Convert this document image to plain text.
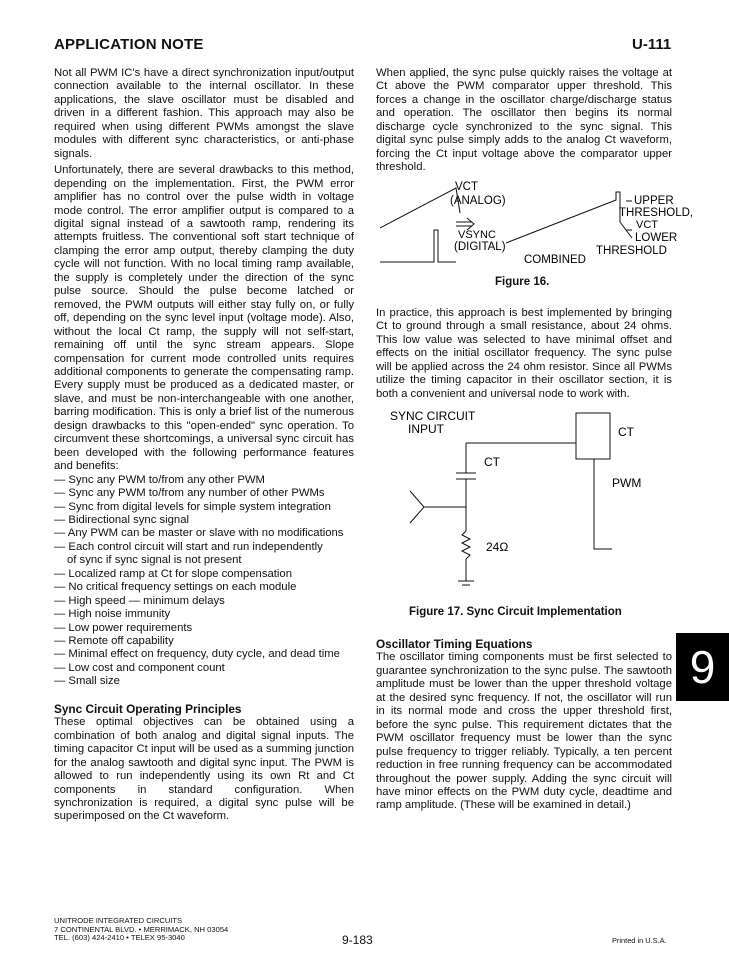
APPLICATION NOTE	U-111

Not all PWM IC's have a direct synchronization input/output connection available to the internal oscillator. In these applications, the slave oscillator must be disabled and driven in a different fashion. This approach may also be required when using different PWMs amongst the slave modules with different sync characteristics, or anti-phase signals.

Unfortunately, there are several drawbacks to this method, depending on the implementation. First, the PWM error amplifier has no control over the pulse width in voltage mode control. The error amplifier output is compared to a digital signal instead of a sawtooth ramp, rendering its attempts fruitless. The conventional soft start technique of clamping the error amp output, thereby clamping the duty cycle will not function. With no local timing ramp available, the supply is completely under the direction of the sync pulse source. Should the pulse become latched or removed, the PWM outputs will either stay fully on, or fully off, depending on the sync level input (voltage mode). Also, without the local Ct ramp, the supply will not self-start, remaining off until the sync stream appears. Slope compensation for current mode controlled units requires additional components to generate the compensating ramp. Every supply must be produced as a dedicated master, or slave, and must be non-interchangeable with one another, barring modification. This is only a brief list of the numerous design drawbacks to this "open-ended" sync operation. To circumvent these shortcomings, a universal sync circuit has been developed with the following performance features and benefits:

— Sync any PWM to/from any other PWM
— Sync any PWM to/from any number of other PWMs
— Sync from digital levels for simple system integration
— Bidirectional sync signal
— Any PWM can be master or slave with no modifications
— Each control circuit will start and run independently
of sync if sync signal is not present
— Localized ramp at Ct for slope compensation
— No critical frequency settings on each module
— High speed — minimum delays
— High noise immunity
— Low power requirements
— Remote off capability
— Minimal effect on frequency, duty cycle, and dead time
— Low cost and component count
— Small size

Sync Circuit Operating Principles

These optimal objectives can be obtained using a combination of both analog and digital signal inputs. The timing capacitor Ct input will be used as a summing junction for the analog sawtooth and digital sync input. The PWM is allowed to run independently using its own Rt and Ct components in standard configuration. When synchronization is required, a digital sync pulse will be superimposed on the Ct waveform.

When applied, the sync pulse quickly raises the voltage at Ct above the PWM comparator upper threshold. This forces a change in the oscillator charge/discharge status and operation. The oscillator then begins its normal discharge cycle synchronized to the sync signal. This digital sync pulse simply adds to the analog Ct waveform, forcing the Ct input voltage above the comparator upper threshold.

VCT
(ANALOG)
VSYNC
(DIGITAL)
COMBINED
UPPER
THRESHOLD,
VCT
LOWER
THRESHOLD
Figure 16.

In practice, this approach is best implemented by bringing Ct to ground through a small resistance, about 24 ohms. This low value was selected to have minimal offset and effects on the initial oscillator frequency. The sync pulse will be applied across the 24 ohm resistor. Since all PWMs utilize the timing capacitor in their oscillator section, it is both a convenient and universal node to work with.

SYNC CIRCUIT
INPUT	CT
CT
PWM
24Ω
Figure 17. Sync Circuit Implementation

Oscillator Timing Equations

The oscillator timing components must be first selected to guarantee synchronization to the sync pulse. The sawtooth amplitude must be lower than the upper threshold voltage at the desired sync frequency. If not, the oscillator will run in its normal mode and cross the upper threshold first, before the sync pulse. This requirement dictates that the PWM oscillator frequency must be lower than the sync pulse frequency to trigger reliably. Typically, a ten percent reduction in free running frequency can be accommodated throughout the power supply. Adding the sync circuit will have minor effects on the PWM duty cycle, deadtime and ramp amplitude. (These will be examined in detail.)

9
UNITRODE INTEGRATED CIRCUITS
7 CONTINENTAL BLVD. • MERRIMACK, NH 03054
TEL. (603) 424-2410 • TELEX 95-3040	9-183	Printed in U.S.A.
